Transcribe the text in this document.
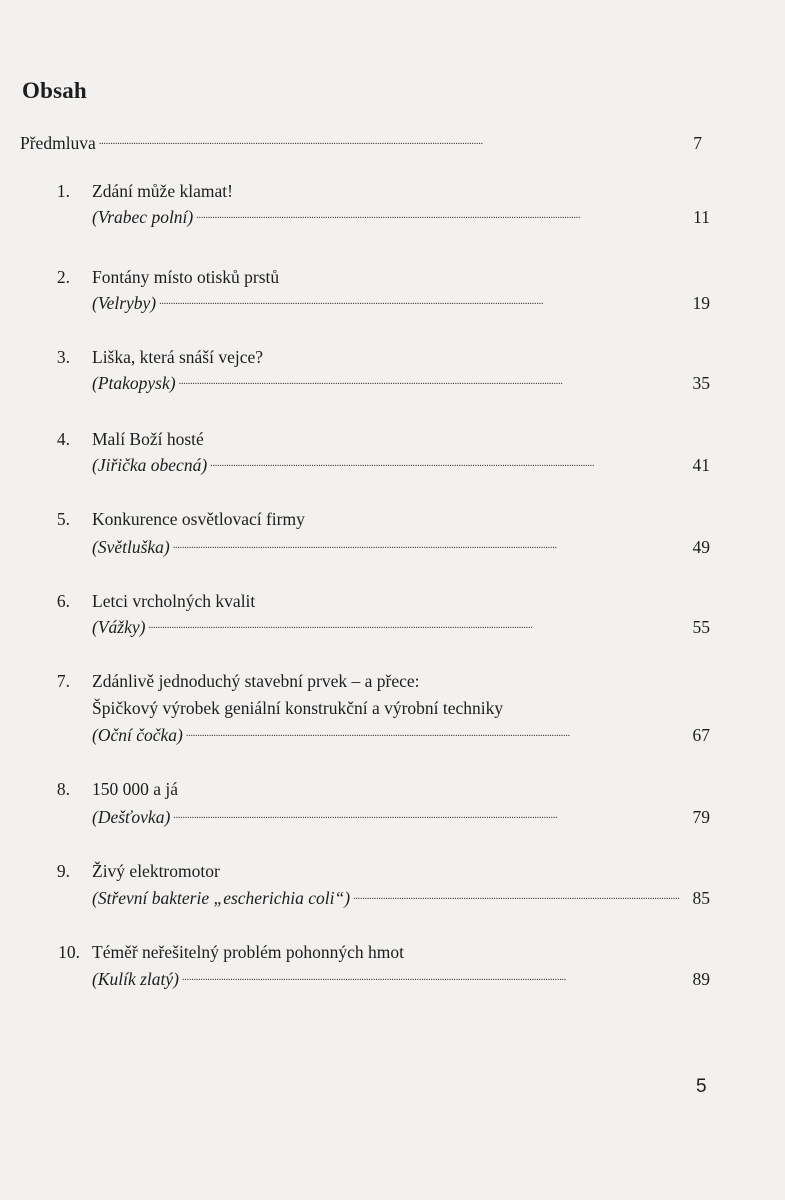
Obsah
Předmluva . . .	7
1. Zdání může klamat!
(Vrabec polní) . . .	11
2. Fontány místo otisků prstů
(Velryby) . . .	19
3. Liška, která snáší vejce?
(Ptakopysk) . . .	35
4. Malí Boží hosté
(Jiřička obecná) . . .	41
5. Konkurence osvětlovací firmy
(Světluška) . . .	49
6. Letci vrcholných kvalit
(Vážky) . . .	55
7. Zdánlivě jednoduchý stavební prvek – a přece:
Špičkový výrobek geniální konstrukční a výrobní techniky
(Oční čočka) . . .	67
8. 150 000 a já
(Dešťovka) . . .	79
9. Živý elektromotor
(Střevní bakterie „escherichia coli“) . . .	85
10. Téměř neřešitelný problém pohonných hmot
(Kulík zlatý) . . .	89
5
